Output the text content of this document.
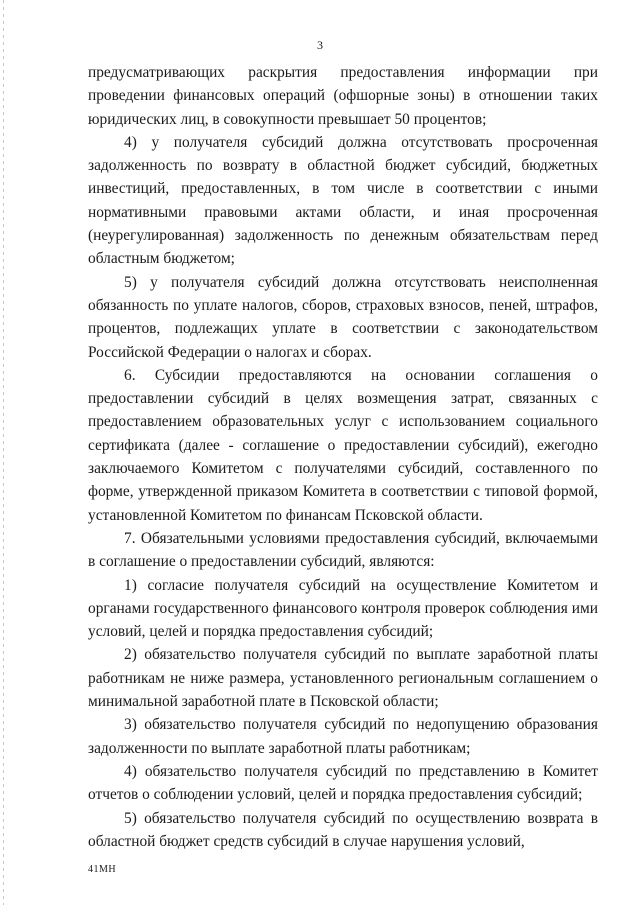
3

предусматривающих раскрытия предоставления информации при проведении финансовых операций (офшорные зоны) в отношении таких юридических лиц, в совокупности превышает 50 процентов;

4) у получателя субсидий должна отсутствовать просроченная задолженность по возврату в областной бюджет субсидий, бюджетных инвестиций, предоставленных, в том числе в соответствии с иными нормативными правовыми актами области, и иная просроченная (неурегулированная) задолженность по денежным обязательствам перед областным бюджетом;

5) у получателя субсидий должна отсутствовать неисполненная обязанность по уплате налогов, сборов, страховых взносов, пеней, штрафов, процентов, подлежащих уплате в соответствии с законодательством Российской Федерации о налогах и сборах.

6. Субсидии предоставляются на основании соглашения о предоставлении субсидий в целях возмещения затрат, связанных с предоставлением образовательных услуг с использованием социального сертификата (далее - соглашение о предоставлении субсидий), ежегодно заключаемого Комитетом с получателями субсидий, составленного по форме, утвержденной приказом Комитета в соответствии с типовой формой, установленной Комитетом по финансам Псковской области.

7. Обязательными условиями предоставления субсидий, включаемыми в соглашение о предоставлении субсидий, являются:

1) согласие получателя субсидий на осуществление Комитетом и органами государственного финансового контроля проверок соблюдения ими условий, целей и порядка предоставления субсидий;

2) обязательство получателя субсидий по выплате заработной платы работникам не ниже размера, установленного региональным соглашением о минимальной заработной плате в Псковской области;

3) обязательство получателя субсидий по недопущению образования задолженности по выплате заработной платы работникам;

4) обязательство получателя субсидий по представлению в Комитет отчетов о соблюдении условий, целей и порядка предоставления субсидий;

5) обязательство получателя субсидий по осуществлению возврата в областной бюджет средств субсидий в случае нарушения условий,

41МН
